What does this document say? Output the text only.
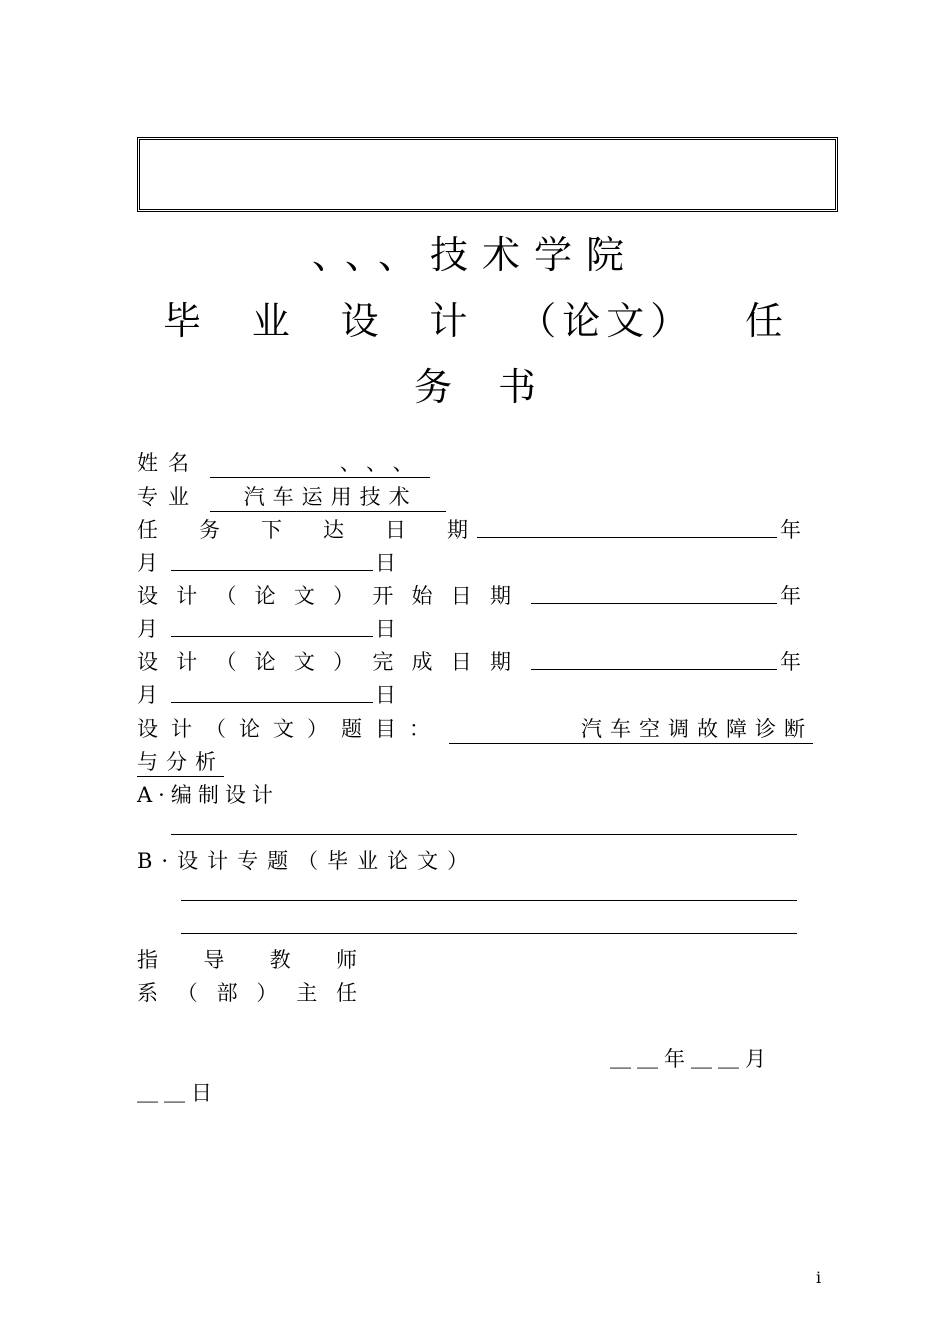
、、、技术学院
毕 业 设 计 （论文） 任
务书
姓名	、、、
专业 汽车运用技术
任 务 下 达 日 期	年
月	日
设 计 （ 论 文 ） 开 始 日 期	年
月	日
设 计 （ 论 文 ） 完 成 日 期	年
月	日
设计（论文）题目：	汽车空调故障诊断
与分析
A·编制设计
B·设计专题（毕业论文）
指 导 教 师
系 （ 部 ） 主 任
＿＿年＿＿月
＿＿日
i
